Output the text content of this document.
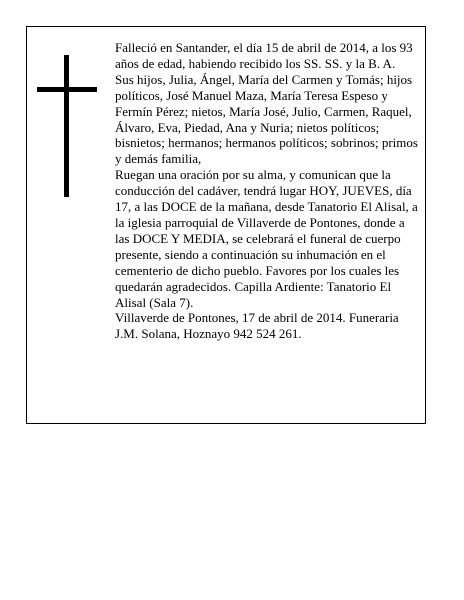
Falleció en Santander, el día 15 de abril de 2014, a los 93 años de edad, habiendo recibido los SS. SS. y la B. A.

Sus hijos, Julia, Ángel, María del Carmen y Tomás; hijos políticos, José Manuel Maza, María Teresa Espeso y Fermín Pérez; nietos, María José, Julio, Carmen, Raquel, Álvaro, Eva, Piedad, Ana y Nuria; nietos políticos; bisnietos; hermanos; hermanos políticos; sobrinos; primos y demás familia,

Ruegan una oración por su alma, y comunican que la conducción del cadáver, tendrá lugar HOY, JUEVES, día 17, a las DOCE de la mañana, desde Tanatorio El Alisal, a la iglesia parroquial de Villaverde de Pontones, donde a las DOCE Y MEDIA, se celebrará el funeral de cuerpo presente, siendo a continuación su inhumación en el cementerio de dicho pueblo. Favores por los cuales les quedarán agradecidos. Capilla Ardiente: Tanatorio El Alisal (Sala 7).

Villaverde de Pontones, 17 de abril de 2014. Funeraria J.M. Solana, Hoznayo 942 524 261.
